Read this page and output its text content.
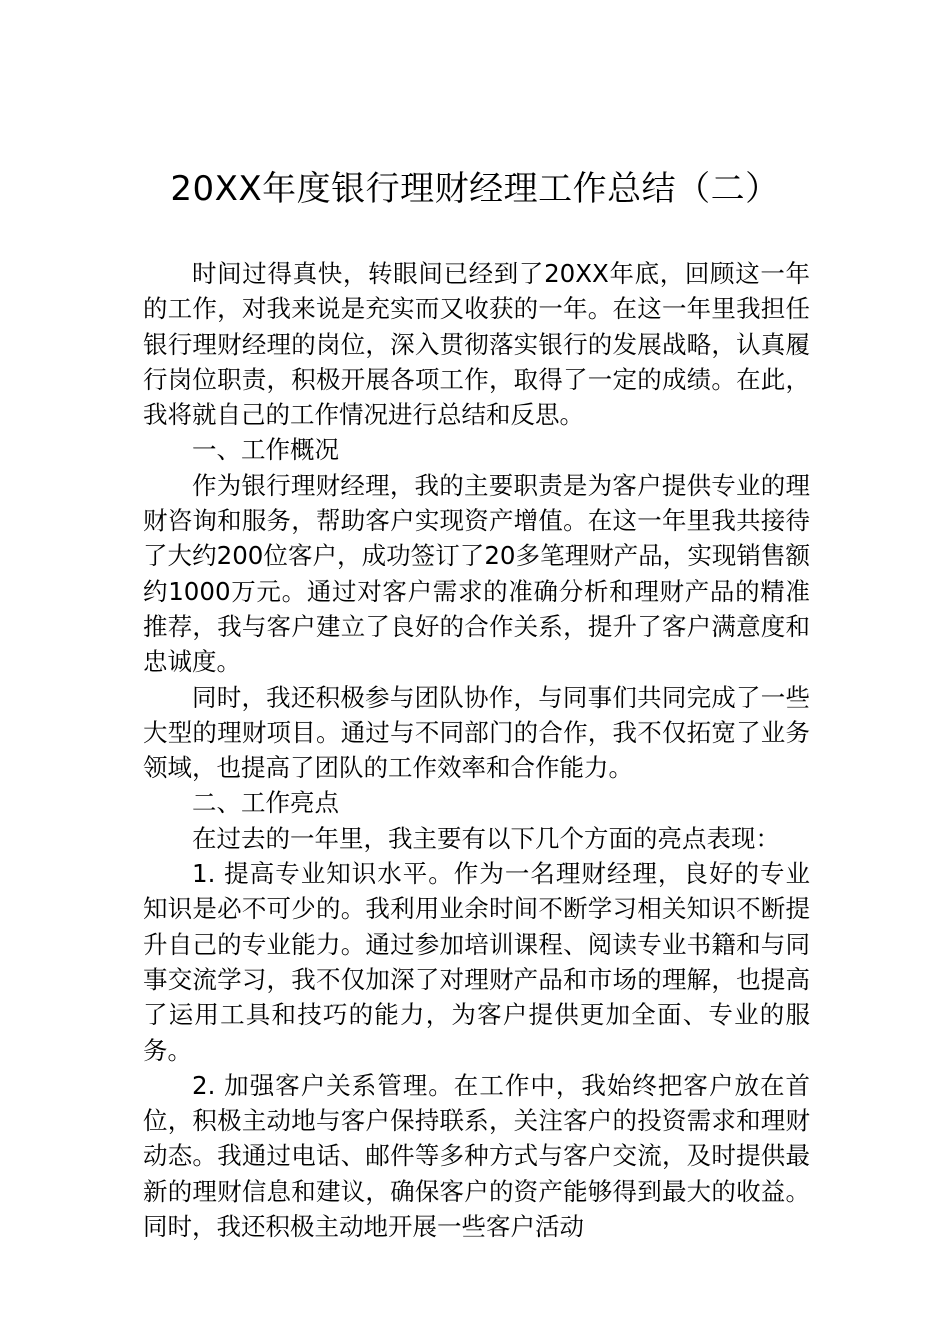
20XX年度银行理财经理工作总结（二）

时间过得真快，转眼间已经到了20XX年底，回顾这一年的工作，对我来说是充实而又收获的一年。在这一年里我担任银行理财经理的岗位，深入贯彻落实银行的发展战略，认真履行岗位职责，积极开展各项工作，取得了一定的成绩。在此，我将就自己的工作情况进行总结和反思。

一、工作概况

作为银行理财经理，我的主要职责是为客户提供专业的理财咨询和服务，帮助客户实现资产增值。在这一年里我共接待了大约200位客户，成功签订了20多笔理财产品，实现销售额约1000万元。通过对客户需求的准确分析和理财产品的精准推荐，我与客户建立了良好的合作关系，提升了客户满意度和忠诚度。

同时，我还积极参与团队协作，与同事们共同完成了一些大型的理财项目。通过与不同部门的合作，我不仅拓宽了业务领域，也提高了团队的工作效率和合作能力。

二、工作亮点

在过去的一年里，我主要有以下几个方面的亮点表现：

1. 提高专业知识水平。作为一名理财经理，良好的专业知识是必不可少的。我利用业余时间不断学习相关知识不断提升自己的专业能力。通过参加培训课程、阅读专业书籍和与同事交流学习，我不仅加深了对理财产品和市场的理解，也提高了运用工具和技巧的能力，为客户提供更加全面、专业的服务。

2. 加强客户关系管理。在工作中，我始终把客户放在首位，积极主动地与客户保持联系，关注客户的投资需求和理财动态。我通过电话、邮件等多种方式与客户交流，及时提供最新的理财信息和建议，确保客户的资产能够得到最大的收益。同时，我还积极主动地开展一些客户活动
